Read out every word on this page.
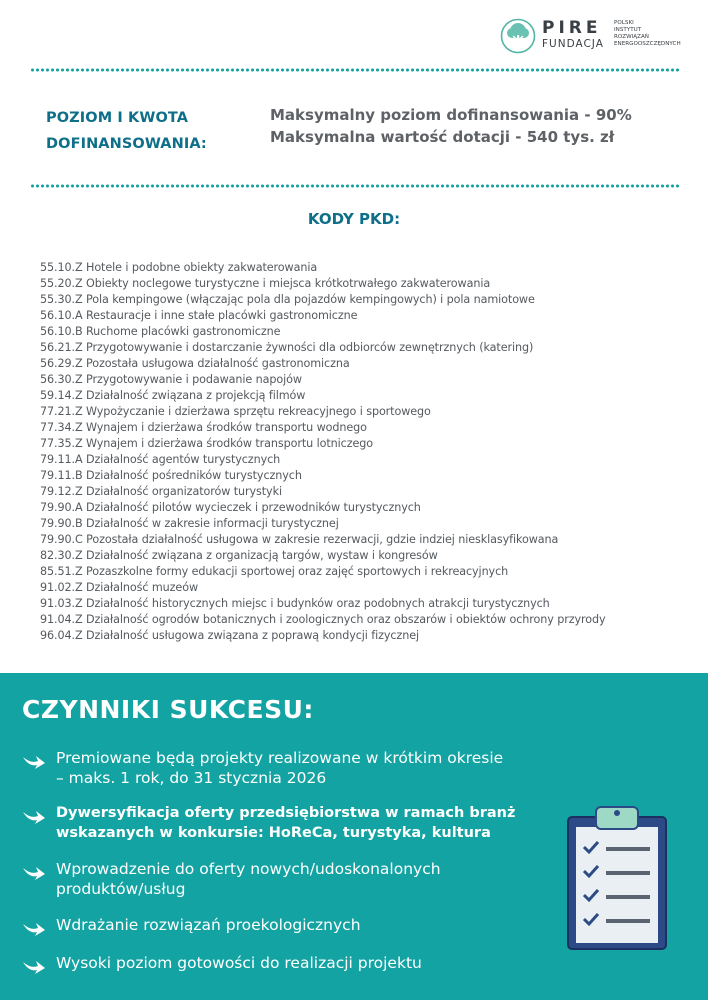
PIRE
FUNDACJA
POLSKI
INSTYTUT
ROZWIĄZAŃ
ENERGOOSZCZĘDNYCH
POZIOM I KWOTA
DOFINANSOWANIA:
Maksymalny poziom dofinansowania - 90%
Maksymalna wartość dotacji - 540 tys. zł
KODY PKD:
55.10.Z Hotele i podobne obiekty zakwaterowania
55.20.Z Obiekty noclegowe turystyczne i miejsca krótkotrwałego zakwaterowania
55.30.Z Pola kempingowe (włączając pola dla pojazdów kempingowych) i pola namiotowe
56.10.A Restauracje i inne stałe placówki gastronomiczne
56.10.B Ruchome placówki gastronomiczne
56.21.Z Przygotowywanie i dostarczanie żywności dla odbiorców zewnętrznych (katering)
56.29.Z Pozostała usługowa działalność gastronomiczna
56.30.Z Przygotowywanie i podawanie napojów
59.14.Z Działalność związana z projekcją filmów
77.21.Z Wypożyczanie i dzierżawa sprzętu rekreacyjnego i sportowego
77.34.Z Wynajem i dzierżawa środków transportu wodnego
77.35.Z Wynajem i dzierżawa środków transportu lotniczego
79.11.A Działalność agentów turystycznych
79.11.B Działalność pośredników turystycznych
79.12.Z Działalność organizatorów turystyki
79.90.A Działalność pilotów wycieczek i przewodników turystycznych
79.90.B Działalność w zakresie informacji turystycznej
79.90.C Pozostała działalność usługowa w zakresie rezerwacji, gdzie indziej niesklasyfikowana
82.30.Z Działalność związana z organizacją targów, wystaw i kongresów
85.51.Z Pozaszkolne formy edukacji sportowej oraz zajęć sportowych i rekreacyjnych
91.02.Z Działalność muzeów
91.03.Z Działalność historycznych miejsc i budynków oraz podobnych atrakcji turystycznych
91.04.Z Działalność ogrodów botanicznych i zoologicznych oraz obszarów i obiektów ochrony przyrody
96.04.Z Działalność usługowa związana z poprawą kondycji fizycznej
CZYNNIKI SUKCESU:
Premiowane będą projekty realizowane w krótkim okresie
– maks. 1 rok, do 31 stycznia 2026
Dywersyfikacja oferty przedsiębiorstwa w ramach branż
wskazanych w konkursie: HoReCa, turystyka, kultura
Wprowadzenie do oferty nowych/udoskonalonych
produktów/usług
Wdrażanie rozwiązań proekologicznych
Wysoki poziom gotowości do realizacji projektu
